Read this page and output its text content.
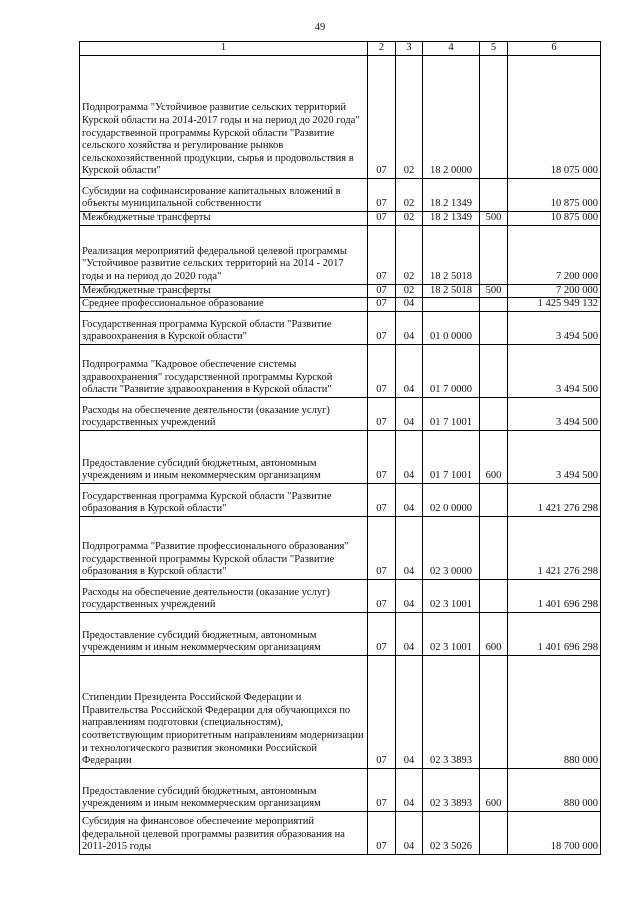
49
1	2	3	4	5	6
Подпрограмма "Устойчивое развитие сельских территорий Курской области на 2014-2017 годы и на период до 2020 года" государственной программы Курской области "Развитие сельского хозяйства и регулирование рынков сельскохозяйственной продукции, сырья и продовольствия в Курской области"	07	02	18 2 0000		18 075 000
Субсидии на софинансирование капитальных вложений в объекты муниципальной собственности	07	02	18 2 1349		10 875 000
Межбюджетные трансферты	07	02	18 2 1349	500	10 875 000
Реализация мероприятий федеральной целевой программы "Устойчивое развитие сельских территорий на 2014 - 2017 годы и на период до 2020 года"	07	02	18 2 5018		7 200 000
Межбюджетные трансферты	07	02	18 2 5018	500	7 200 000
Среднее профессиональное образование	07	04			1 425 949 132
Государственная программа Курской области "Развитие здравоохранения в Курской области"	07	04	01 0 0000		3 494 500
Подпрограмма "Кадровое обеспечение системы здравоохранения" государственной программы Курской области "Развитие здравоохранения в Курской области"	07	04	01 7 0000		3 494 500
Расходы на обеспечение деятельности (оказание услуг) государственных учреждений	07	04	01 7 1001		3 494 500
Предоставление субсидий бюджетным, автономным учреждениям и иным некоммерческим организациям	07	04	01 7 1001	600	3 494 500
Государственная программа Курской области "Развитие образования в Курской области"	07	04	02 0 0000		1 421 276 298
Подпрограмма "Развитие профессионального образования" государственной программы Курской области "Развитие образования в Курской области"	07	04	02 3 0000		1 421 276 298
Расходы на обеспечение деятельности (оказание услуг) государственных учреждений	07	04	02 3 1001		1 401 696 298
Предоставление субсидий бюджетным, автономным учреждениям и иным некоммерческим организациям	07	04	02 3 1001	600	1 401 696 298
Стипендии Президента Российской Федерации и Правительства Российской Федерации для обучающихся по направлениям подготовки (специальностям), соответствующим приоритетным направлениям модернизации и технологического развития экономики Российской Федерации	07	04	02 3 3893		880 000
Предоставление субсидий бюджетным, автономным учреждениям и иным некоммерческим организациям	07	04	02 3 3893	600	880 000
Субсидия на финансовое обеспечение мероприятий федеральной целевой программы развития образования на 2011-2015 годы	07	04	02 3 5026		18 700 000
